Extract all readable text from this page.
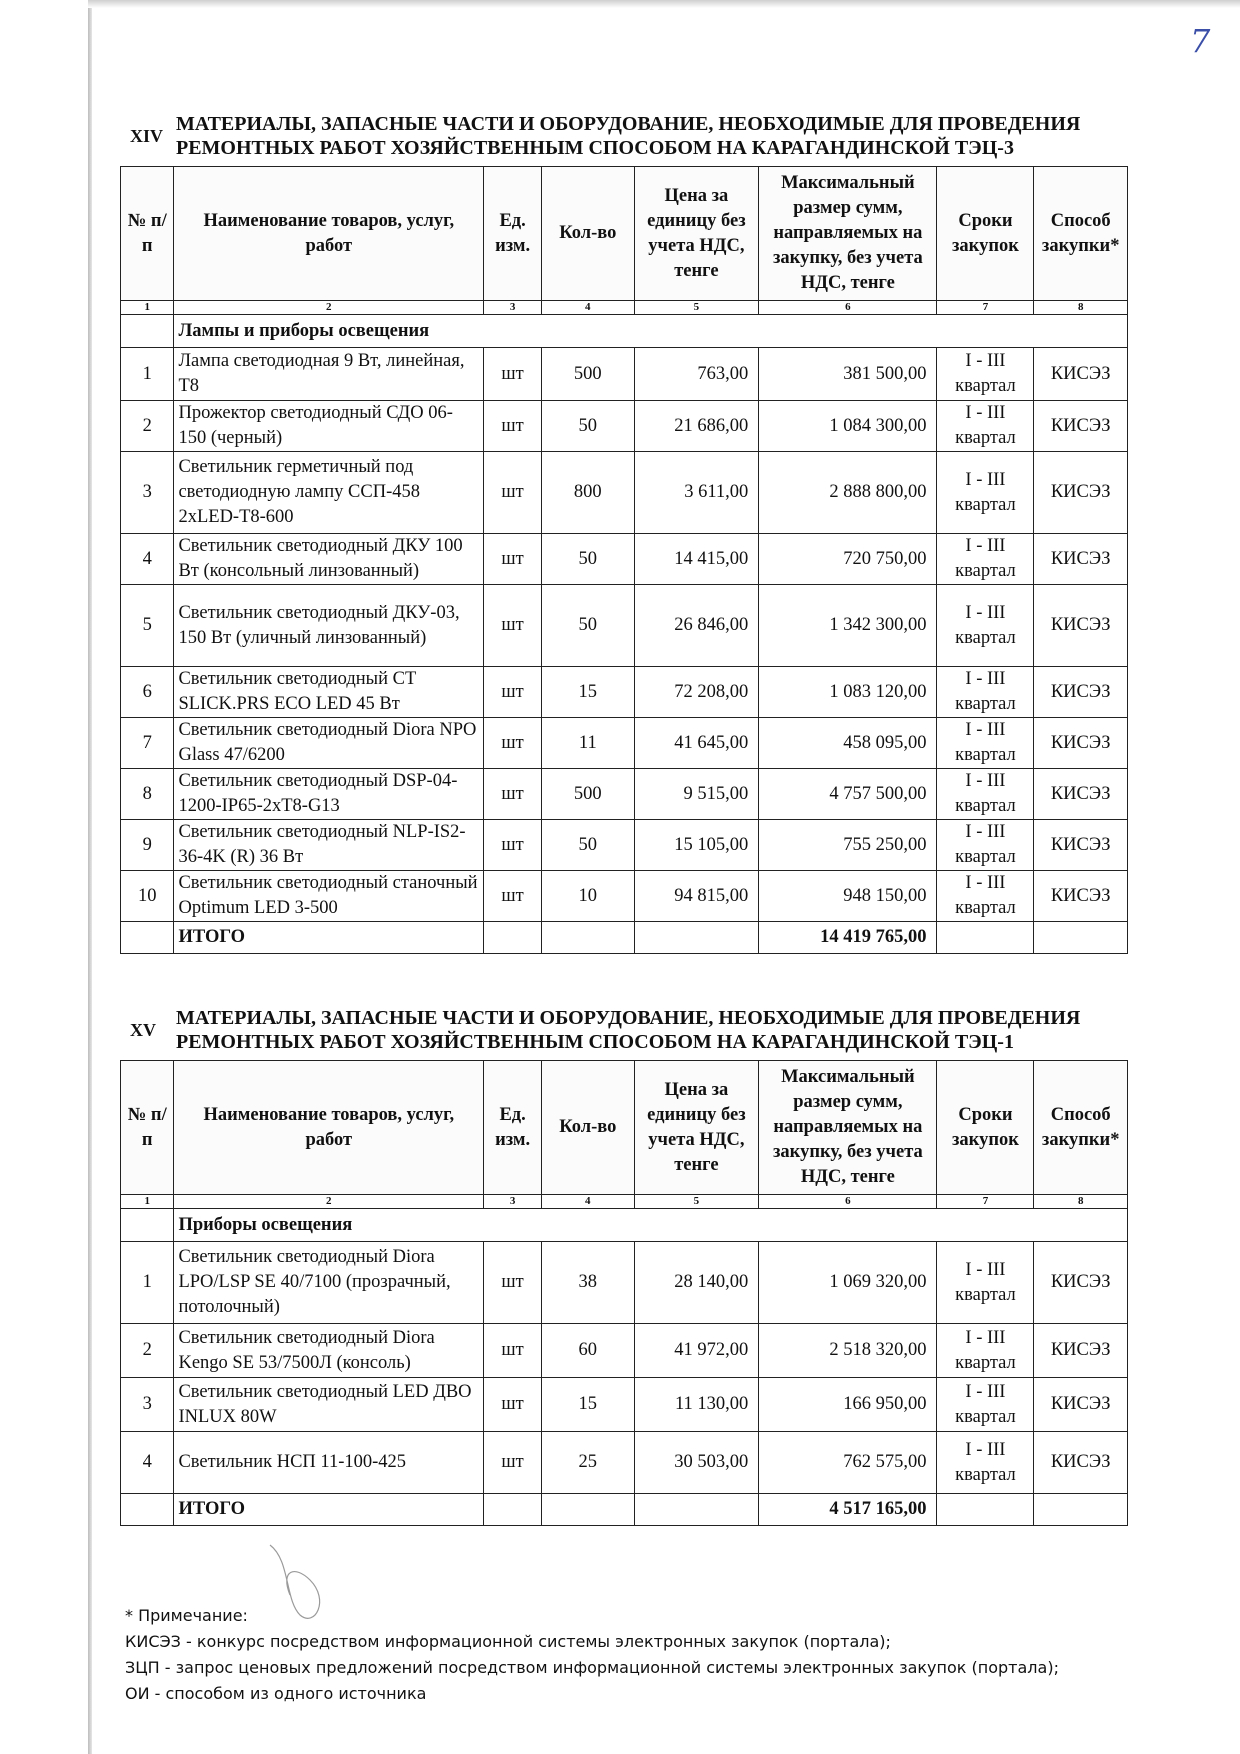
7
XIV
МАТЕРИАЛЫ, ЗАПАСНЫЕ ЧАСТИ И ОБОРУДОВАНИЕ, НЕОБХОДИМЫЕ ДЛЯ ПРОВЕДЕНИЯ РЕМОНТНЫХ РАБОТ ХОЗЯЙСТВЕННЫМ СПОСОБОМ НА КАРАГАНДИНСКОЙ ТЭЦ-3
№ п/п	Наименование товаров, услуг, работ	Ед. изм.	Кол-во	Цена за единицу без учета НДС, тенге	Максимальный размер сумм, направляемых на закупку, без учета НДС, тенге	Сроки закупок	Способ закупки*
1	2	3	4	5	6	7	8
	Лампы и приборы освещения						
1	Лампа светодиодная 9 Вт, линейная, Т8	шт	500	763,00	381 500,00	I - III квартал	КИСЭЗ
2	Прожектор светодиодный СДО 06-150 (черный)	шт	50	21 686,00	1 084 300,00	I - III квартал	КИСЭЗ
3	Светильник герметичный под светодиодную лампу ССП-458 2xLED-T8-600	шт	800	3 611,00	2 888 800,00	I - III квартал	КИСЭЗ
4	Светильник светодиодный ДКУ 100 Вт (консольный линзованный)	шт	50	14 415,00	720 750,00	I - III квартал	КИСЭЗ
5	Светильник светодиодный ДКУ-03, 150 Вт (уличный линзованный)	шт	50	26 846,00	1 342 300,00	I - III квартал	КИСЭЗ
6	Светильник светодиодный CT SLICK.PRS ECO LED 45 Вт	шт	15	72 208,00	1 083 120,00	I - III квартал	КИСЭЗ
7	Светильник светодиодный Diora NPO Glass 47/6200	шт	11	41 645,00	458 095,00	I - III квартал	КИСЭЗ
8	Светильник светодиодный DSP-04-1200-IP65-2xT8-G13	шт	500	9 515,00	4 757 500,00	I - III квартал	КИСЭЗ
9	Светильник светодиодный NLP-IS2-36-4K (R) 36 Вт	шт	50	15 105,00	755 250,00	I - III квартал	КИСЭЗ
10	Светильник светодиодный станочный Optimum LED 3-500	шт	10	94 815,00	948 150,00	I - III квартал	КИСЭЗ
	ИТОГО				14 419 765,00		
XV
МАТЕРИАЛЫ, ЗАПАСНЫЕ ЧАСТИ И ОБОРУДОВАНИЕ, НЕОБХОДИМЫЕ ДЛЯ ПРОВЕДЕНИЯ РЕМОНТНЫХ РАБОТ ХОЗЯЙСТВЕННЫМ СПОСОБОМ НА КАРАГАНДИНСКОЙ ТЭЦ-1
№ п/п	Наименование товаров, услуг, работ	Ед. изм.	Кол-во	Цена за единицу без учета НДС, тенге	Максимальный размер сумм, направляемых на закупку, без учета НДС, тенге	Сроки закупок	Способ закупки*
1	2	3	4	5	6	7	8
	Приборы освещения						
1	Светильник светодиодный Diora LPO/LSP SE 40/7100 (прозрачный, потолочный)	шт	38	28 140,00	1 069 320,00	I - III квартал	КИСЭЗ
2	Светильник светодиодный Diora Kengo SE 53/7500Л (консоль)	шт	60	41 972,00	2 518 320,00	I - III квартал	КИСЭЗ
3	Светильник светодиодный LED ДВО INLUX 80W	шт	15	11 130,00	166 950,00	I - III квартал	КИСЭЗ
4	Светильник НСП 11-100-425	шт	25	30 503,00	762 575,00	I - III квартал	КИСЭЗ
	ИТОГО				4 517 165,00		
* Примечание:
КИСЭЗ - конкурс посредством информационной системы электронных закупок (портала);
ЗЦП - запрос ценовых предложений посредством информационной системы электронных закупок (портала);
ОИ - способом из одного источника
